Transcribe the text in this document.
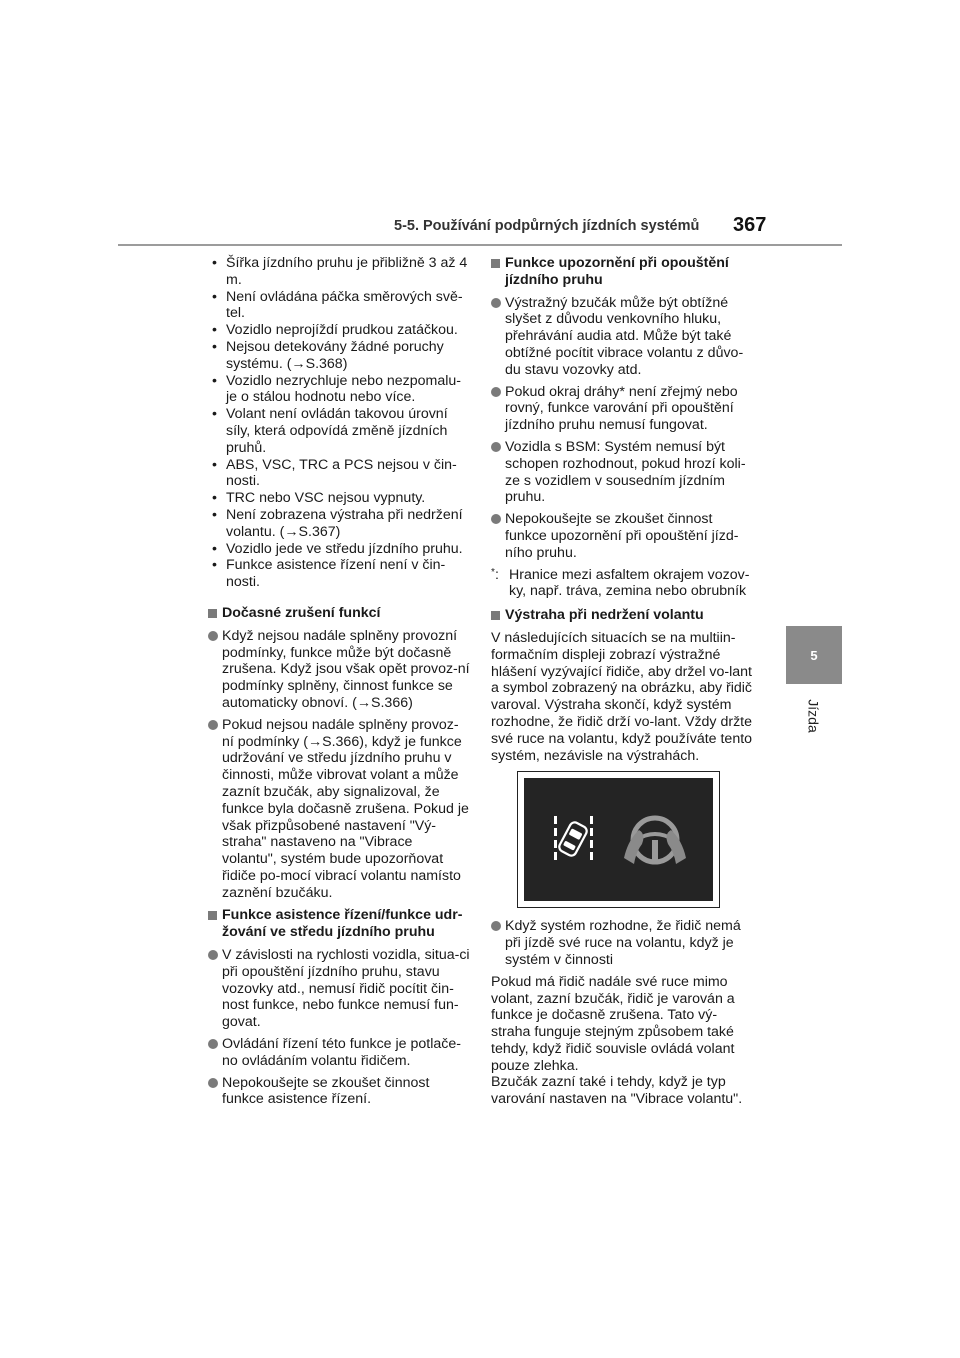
5-5. Používání podpůrných jízdních systémů 367
5
Jízda
• Šířka jízdního pruhu je přibližně 3 až 4 m.
• Není ovládána páčka směrových svě-tel.
• Vozidlo neprojíždí prudkou zatáčkou.
• Nejsou detekovány žádné poruchy systému. (→S.368)
• Vozidlo nezrychluje nebo nezpomalu-je o stálou hodnotu nebo více.
• Volant není ovládán takovou úrovní síly, která odpovídá změně jízdních pruhů.
• ABS, VSC, TRC a PCS nejsou v čin-nosti.
• TRC nebo VSC nejsou vypnuty.
• Není zobrazena výstraha při nedržení volantu. (→S.367)
• Vozidlo jede ve středu jízdního pruhu.
• Funkce asistence řízení není v čin-nosti.
Dočasné zrušení funkcí
Když nejsou nadále splněny provozní podmínky, funkce může být dočasně zrušena. Když jsou však opět provoz-ní podmínky splněny, činnost funkce se automaticky obnoví. (→S.366)
Pokud nejsou nadále splněny provoz-ní podmínky (→S.366), když je funkce udržování ve středu jízdního pruhu v činnosti, může vibrovat volant a může zaznít bzučák, aby signalizoval, že funkce byla dočasně zrušena. Pokud je však přizpůsobené nastavení "Vý-straha" nastaveno na "Vibrace volantu", systém bude upozorňovat řidiče po-mocí vibrací volantu namísto zaznění bzučáku.
Funkce asistence řízení/funkce udr-žování ve středu jízdního pruhu
V závislosti na rychlosti vozidla, situa-ci při opouštění jízdního pruhu, stavu vozovky atd., nemusí řidič pocítit čin-nost funkce, nebo funkce nemusí fun-govat.
Ovládání řízení této funkce je potlače-no ovládáním volantu řidičem.
Nepokoušejte se zkoušet činnost funkce asistence řízení.
Funkce upozornění při opouštění jízdního pruhu
Výstražný bzučák může být obtížné slyšet z důvodu venkovního hluku, přehrávání audia atd. Může být také obtížné pocítit vibrace volantu z důvo-du stavu vozovky atd.
Pokud okraj dráhy* není zřejmý nebo rovný, funkce varování při opouštění jízdního pruhu nemusí fungovat.
Vozidla s BSM: Systém nemusí být schopen rozhodnout, pokud hrozí koli-ze s vozidlem v sousedním jízdním pruhu.
Nepokoušejte se zkoušet činnost funkce upozornění při opouštění jízd-ního pruhu.
* : Hranice mezi asfaltem okrajem vozov-ky, např. tráva, zemina nebo obrubník
Výstraha při nedržení volantu
V následujících situacích se na multiin-formačním displeji zobrazí výstražné hlášení vyzývající řidiče, aby držel vo-lant a symbol zobrazený na obrázku, aby řidič varoval. Výstraha skončí, když systém rozhodne, že řidič drží vo-lant. Vždy držte své ruce na volantu, když používáte tento systém, nezávisle na výstrahách.
Když systém rozhodne, že řidič nemá při jízdě své ruce na volantu, když je systém v činnosti
Pokud má řidič nadále své ruce mimo volant, zazní bzučák, řidič je varován a funkce je dočasně zrušena. Tato vý-straha funguje stejným způsobem také tehdy, když řidič souvisle ovládá volant pouze zlehka.
Bzučák zazní také i tehdy, když je typ varování nastaven na "Vibrace volantu".
